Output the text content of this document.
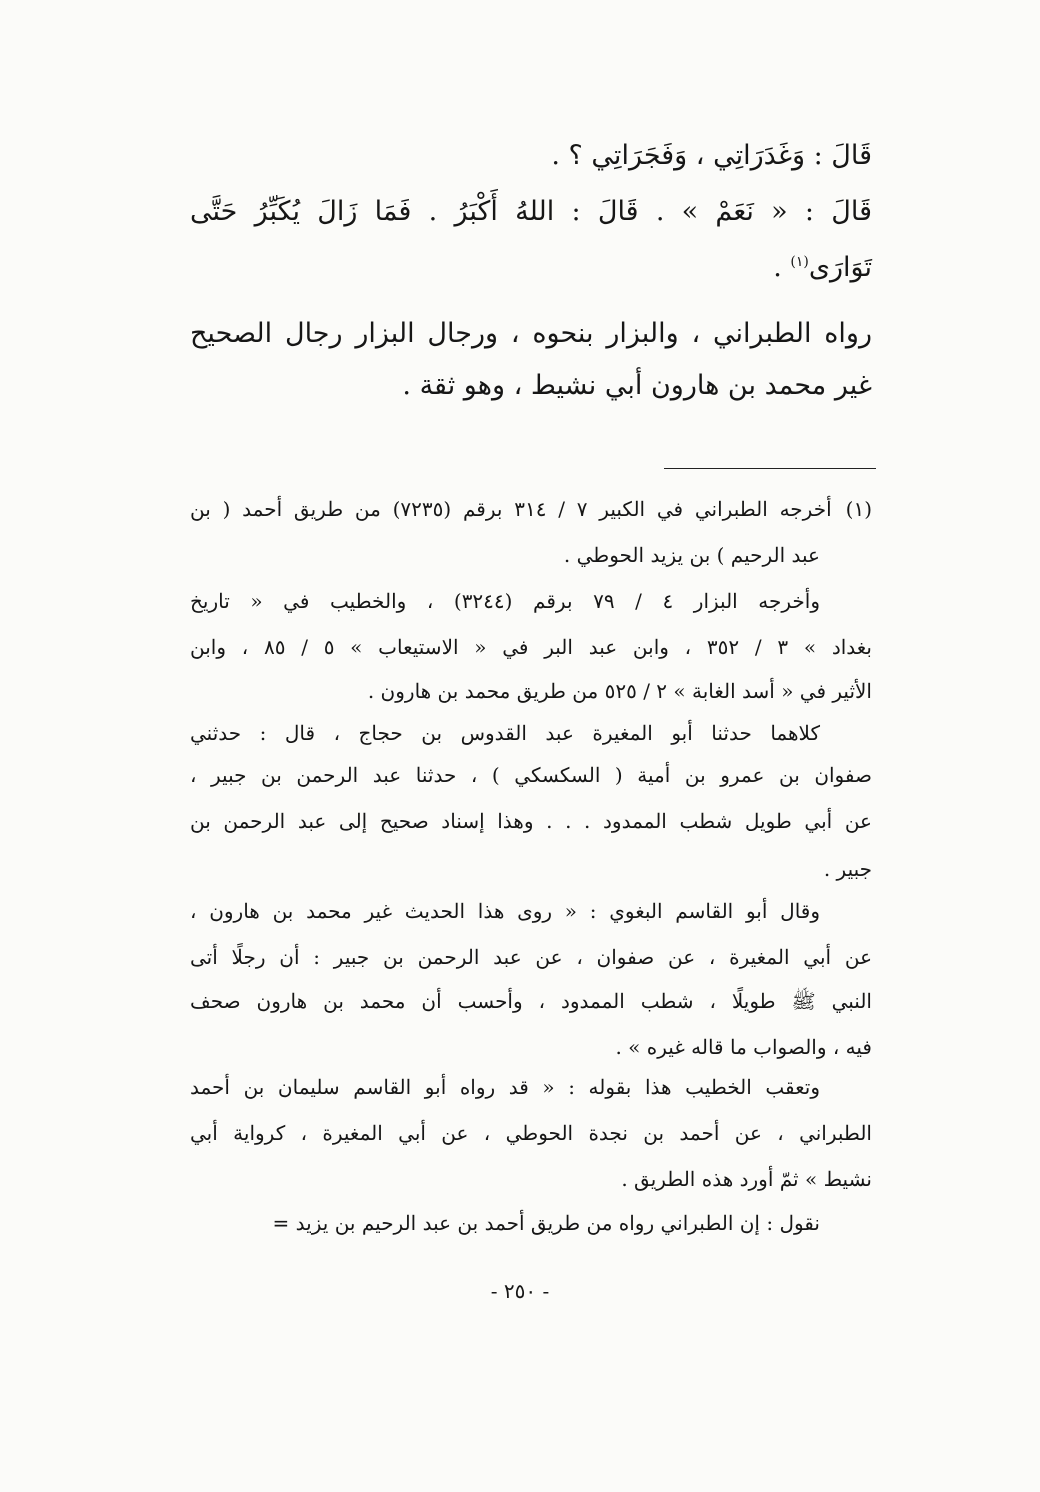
قَالَ : وَغَدَرَاتِي ، وَفَجَرَاتِي ؟ .
قَالَ : « نَعَمْ » . قَالَ : اللهُ أَكْبَرُ . فَمَا زَالَ يُكَبِّرُ حَتَّى
تَوَارَى$^{(١)}$ .
رواه الطبراني ، والبزار بنحوه ، ورجال البزار رجال الصحيح
غير محمد بن هارون أبي نشيط ، وهو ثقة .
(١)أخرجه الطبراني في الكبير ٧ / ٣١٤ برقم (٧٢٣٥) من طريق أحمد ( بن
عبد الرحيم ) بن يزيد الحوطي .
وأخرجه البزار ٤ / ٧٩ برقم (٣٢٤٤) ، والخطيب في « تاريخ
بغداد » ٣ / ٣٥٢ ، وابن عبد البر في « الاستيعاب » ٥ / ٨٥ ، وابن
الأثير في « أسد الغابة » ٢ / ٥٢٥ من طريق محمد بن هارون .
كلاهما حدثنا أبو المغيرة عبد القدوس بن حجاج ، قال : حدثني
صفوان بن عمرو بن أمية ( السكسكي ) ، حدثنا عبد الرحمن بن جبير ،
عن أبي طويل شطب الممدود . . . وهذا إسناد صحيح إلى عبد الرحمن بن
جبير .
وقال أبو القاسم البغوي : « روى هذا الحديث غير محمد بن هارون ،
عن أبي المغيرة ، عن صفوان ، عن عبد الرحمن بن جبير : أن رجلًا أتى
النبي ﷺ طويلًا ، شطب الممدود ، وأحسب أن محمد بن هارون صحف
فيه ، والصواب ما قاله غيره » .
وتعقب الخطيب هذا بقوله : « قد رواه أبو القاسم سليمان بن أحمد
الطبراني ، عن أحمد بن نجدة الحوطي ، عن أبي المغيرة ، كرواية أبي
نشيط » ثمّ أورد هذه الطريق .
نقول : إن الطبراني رواه من طريق أحمد بن عبد الرحيم بن يزيد =
- ٢٥٠ -
